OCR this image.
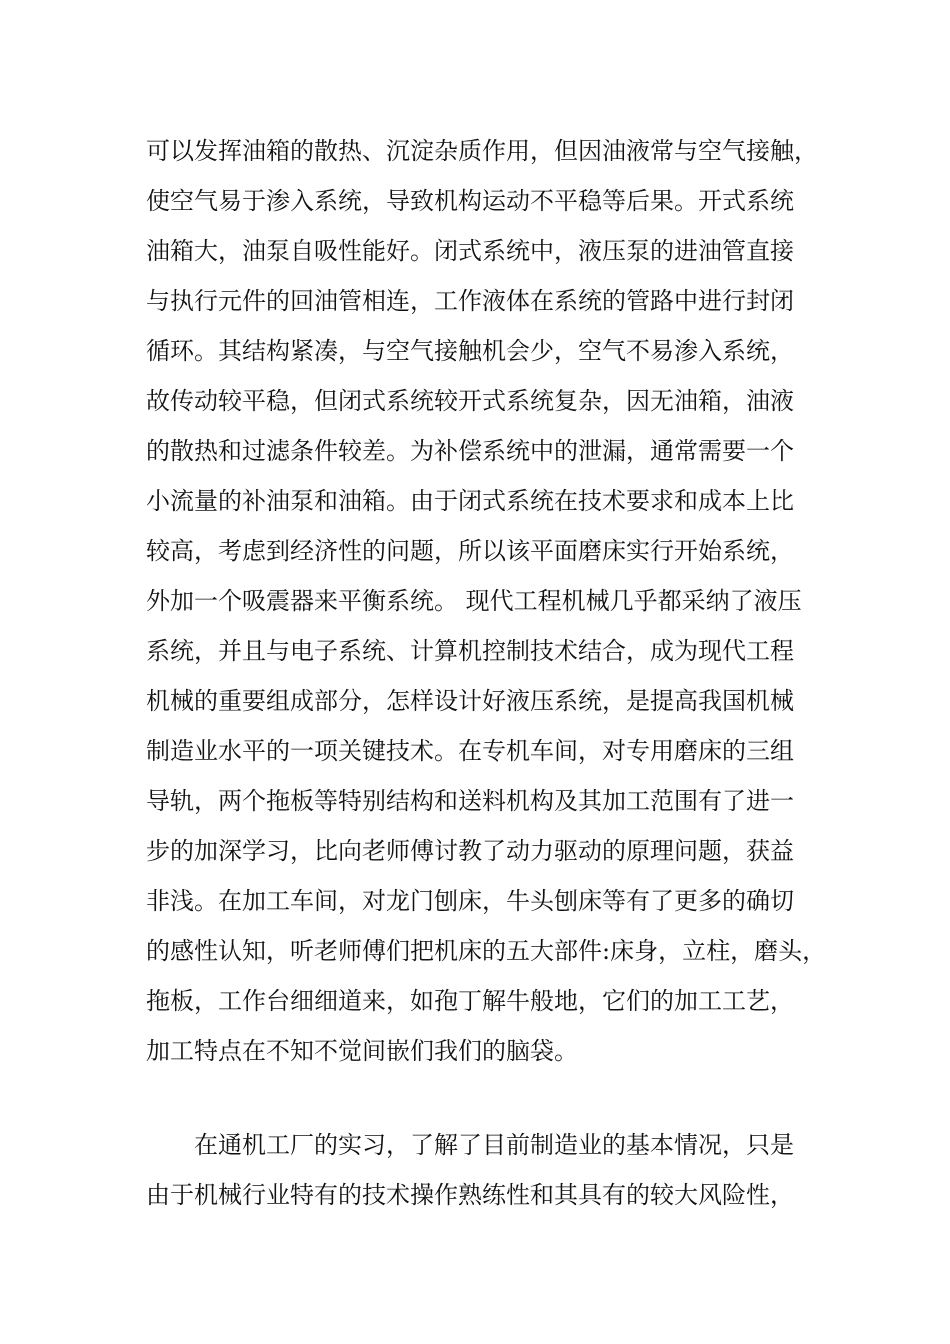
可以发挥油箱的散热、沉淀杂质作用，但因油液常与空气接触，
使空气易于渗入系统，导致机构运动不平稳等后果。开式系统
油箱大，油泵自吸性能好。闭式系统中，液压泵的进油管直接
与执行元件的回油管相连，工作液体在系统的管路中进行封闭
循环。其结构紧凑，与空气接触机会少，空气不易渗入系统，
故传动较平稳，但闭式系统较开式系统复杂，因无油箱，油液
的散热和过滤条件较差。为补偿系统中的泄漏，通常需要一个
小流量的补油泵和油箱。由于闭式系统在技术要求和成本上比
较高，考虑到经济性的问题，所以该平面磨床实行开始系统，
外加一个吸震器来平衡系统。 现代工程机械几乎都采纳了液压
系统，并且与电子系统、计算机控制技术结合，成为现代工程
机械的重要组成部分，怎样设计好液压系统，是提高我国机械
制造业水平的一项关键技术。在专机车间，对专用磨床的三组
导轨，两个拖板等特别结构和送料机构及其加工范围有了进一
步的加深学习，比向老师傅讨教了动力驱动的原理问题，获益
非浅。在加工车间，对龙门刨床，牛头刨床等有了更多的确切
的感性认知，听老师傅们把机床的五大部件:床身，立柱，磨头，
拖板，工作台细细道来，如孢丁解牛般地，它们的加工工艺，
加工特点在不知不觉间嵌们我们的脑袋。
　　在通机工厂的实习，了解了目前制造业的基本情况，只是
由于机械行业特有的技术操作熟练性和其具有的较大风险性，
